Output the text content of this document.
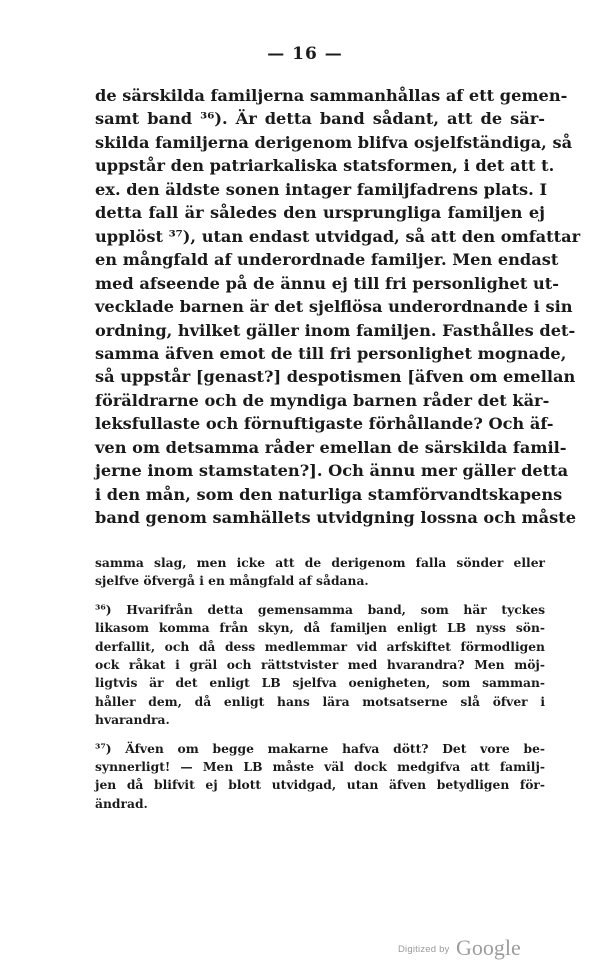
— 16 —
de särskilda familjerna sammanhållas af ett gemen-
samt band ³⁶). Är detta band sådant, att de sär-
skilda familjerna derigenom blifva osjelfständiga, så
uppstår den patriarkaliska statsformen, i det att t.
ex. den äldste sonen intager familjfadrens plats. I
detta fall är således den ursprungliga familjen ej
upplöst ³⁷), utan endast utvidgad, så att den omfattar
en mångfald af underordnade familjer. Men endast
med afseende på de ännu ej till fri personlighet ut-
vecklade barnen är det sjelflösa underordnande i sin
ordning, hvilket gäller inom familjen. Fasthålles det-
samma äfven emot de till fri personlighet mognade,
så uppstår [genast?] despotismen [äfven om emellan
föräldrarne och de myndiga barnen råder det kär-
leksfullaste och förnuftigaste förhållande? Och äf-
ven om detsamma råder emellan de särskilda famil-
jerne inom stamstaten?]. Och ännu mer gäller detta
i den mån, som den naturliga stamförvandtskapens
band genom samhällets utvidgning lossna och måste
samma slag, men icke att de derigenom falla sönder eller
sjelfve öfvergå i en mångfald af sådana.
³⁶) Hvarifrån detta gemensamma band, som här tyckes
likasom komma från skyn, då familjen enligt LB nyss sön-
derfallit, och då dess medlemmar vid arfskiftet förmodligen
ock råkat i gräl och rättstvister med hvarandra? Men möj-
ligtvis är det enligt LB sjelfva oenigheten, som samman-
håller dem, då enligt hans lära motsatserne slå öfver i
hvarandra.
³⁷) Äfven om begge makarne hafva dött? Det vore be-
synnerligt! — Men LB måste väl dock medgifva att familj-
jen då blifvit ej blott utvidgad, utan äfven betydligen för-
ändrad.
Digitized by Google
